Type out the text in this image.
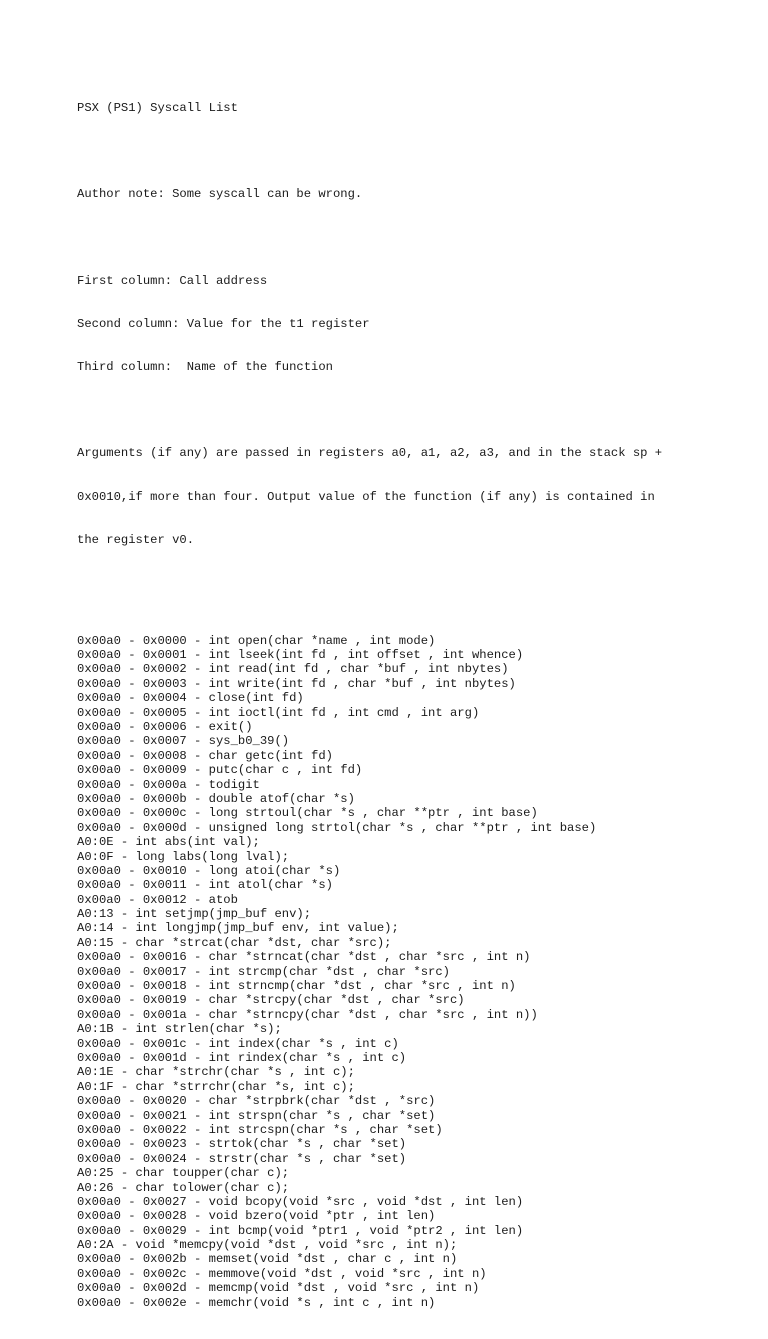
PSX (PS1) Syscall List

Author note: Some syscall can be wrong.

First column: Call address

Second column: Value for the t1 register

Third column:  Name of the function

Arguments (if any) are passed in registers a0, a1, a2, a3, and in the stack sp +

0x0010,if more than four. Output value of the function (if any) is contained in

the register v0.

0x00a0 - 0x0000 - int open(char *name , int mode)
0x00a0 - 0x0001 - int lseek(int fd , int offset , int whence)
0x00a0 - 0x0002 - int read(int fd , char *buf , int nbytes)
0x00a0 - 0x0003 - int write(int fd , char *buf , int nbytes)
0x00a0 - 0x0004 - close(int fd)
0x00a0 - 0x0005 - int ioctl(int fd , int cmd , int arg)
0x00a0 - 0x0006 - exit()
0x00a0 - 0x0007 - sys_b0_39()
0x00a0 - 0x0008 - char getc(int fd)
0x00a0 - 0x0009 - putc(char c , int fd)
0x00a0 - 0x000a - todigit
0x00a0 - 0x000b - double atof(char *s)
0x00a0 - 0x000c - long strtoul(char *s , char **ptr , int base)
0x00a0 - 0x000d - unsigned long strtol(char *s , char **ptr , int base)
A0:0E - int abs(int val);
A0:0F - long labs(long lval);
0x00a0 - 0x0010 - long atoi(char *s)
0x00a0 - 0x0011 - int atol(char *s)
0x00a0 - 0x0012 - atob
A0:13 - int setjmp(jmp_buf env);
A0:14 - int longjmp(jmp_buf env, int value);
A0:15 - char *strcat(char *dst, char *src);
0x00a0 - 0x0016 - char *strncat(char *dst , char *src , int n)
0x00a0 - 0x0017 - int strcmp(char *dst , char *src)
0x00a0 - 0x0018 - int strncmp(char *dst , char *src , int n)
0x00a0 - 0x0019 - char *strcpy(char *dst , char *src)
0x00a0 - 0x001a - char *strncpy(char *dst , char *src , int n))
A0:1B - int strlen(char *s);
0x00a0 - 0x001c - int index(char *s , int c)
0x00a0 - 0x001d - int rindex(char *s , int c)
A0:1E - char *strchr(char *s , int c);
A0:1F - char *strrchr(char *s, int c);
0x00a0 - 0x0020 - char *strpbrk(char *dst , *src)
0x00a0 - 0x0021 - int strspn(char *s , char *set)
0x00a0 - 0x0022 - int strcspn(char *s , char *set)
0x00a0 - 0x0023 - strtok(char *s , char *set)
0x00a0 - 0x0024 - strstr(char *s , char *set)
A0:25 - char toupper(char c);
A0:26 - char tolower(char c);
0x00a0 - 0x0027 - void bcopy(void *src , void *dst , int len)
0x00a0 - 0x0028 - void bzero(void *ptr , int len)
0x00a0 - 0x0029 - int bcmp(void *ptr1 , void *ptr2 , int len)
A0:2A - void *memcpy(void *dst , void *src , int n);
0x00a0 - 0x002b - memset(void *dst , char c , int n)
0x00a0 - 0x002c - memmove(void *dst , void *src , int n)
0x00a0 - 0x002d - memcmp(void *dst , void *src , int n)
0x00a0 - 0x002e - memchr(void *s , int c , int n)
